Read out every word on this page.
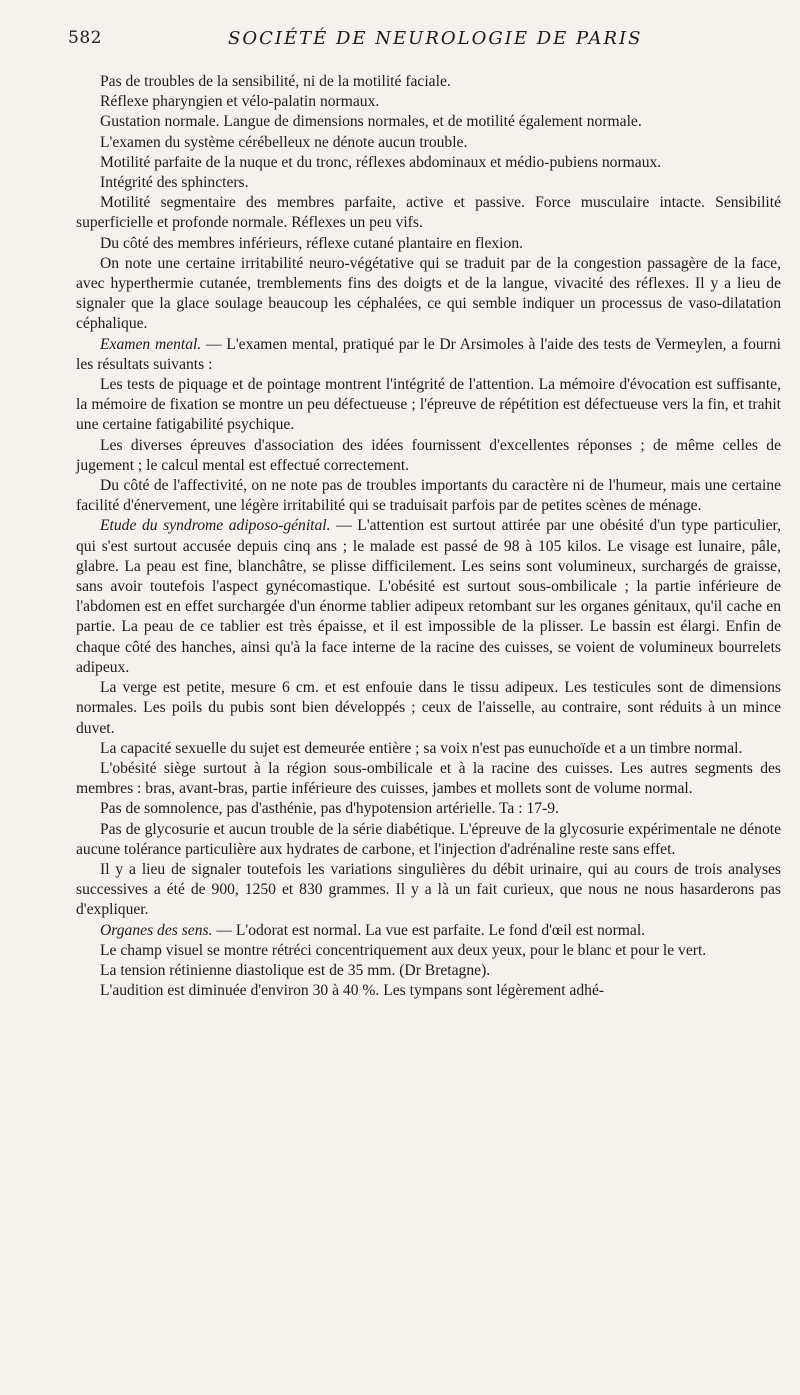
582	SOCIÉTÉ DE NEUROLOGIE DE PARIS

Pas de troubles de la sensibilité, ni de la motilité faciale.

Réflexe pharyngien et vélo-palatin normaux.

Gustation normale. Langue de dimensions normales, et de motilité également normale.

L'examen du système cérébelleux ne dénote aucun trouble.

Motilité parfaite de la nuque et du tronc, réflexes abdominaux et médio-pubiens normaux.

Intégrité des sphincters.

Motilité segmentaire des membres parfaite, active et passive. Force musculaire intacte. Sensibilité superficielle et profonde normale. Réflexes un peu vifs.

Du côté des membres inférieurs, réflexe cutané plantaire en flexion.

On note une certaine irritabilité neuro-végétative qui se traduit par de la congestion passagère de la face, avec hyperthermie cutanée, tremblements fins des doigts et de la langue, vivacité des réflexes. Il y a lieu de signaler que la glace soulage beaucoup les céphalées, ce qui semble indiquer un processus de vaso-dilatation céphalique.

Examen mental. — L'examen mental, pratiqué par le Dr Arsimoles à l'aide des tests de Vermeylen, a fourni les résultats suivants :

Les tests de piquage et de pointage montrent l'intégrité de l'attention. La mémoire d'évocation est suffisante, la mémoire de fixation se montre un peu défectueuse ; l'épreuve de répétition est défectueuse vers la fin, et trahit une certaine fatigabilité psychique.

Les diverses épreuves d'association des idées fournissent d'excellentes réponses ; de même celles de jugement ; le calcul mental est effectué correctement.

Du côté de l'affectivité, on ne note pas de troubles importants du caractère ni de l'humeur, mais une certaine facilité d'énervement, une légère irritabilité qui se traduisait parfois par de petites scènes de ménage.

Etude du syndrome adiposo-génital. — L'attention est surtout attirée par une obésité d'un type particulier, qui s'est surtout accusée depuis cinq ans ; le malade est passé de 98 à 105 kilos. Le visage est lunaire, pâle, glabre. La peau est fine, blanchâtre, se plisse difficilement. Les seins sont volumineux, surchargés de graisse, sans avoir toutefois l'aspect gynécomastique. L'obésité est surtout sous-ombilicale ; la partie inférieure de l'abdomen est en effet surchargée d'un énorme tablier adipeux retombant sur les organes génitaux, qu'il cache en partie. La peau de ce tablier est très épaisse, et il est impossible de la plisser. Le bassin est élargi. Enfin de chaque côté des hanches, ainsi qu'à la face interne de la racine des cuisses, se voient de volumineux bourrelets adipeux.

La verge est petite, mesure 6 cm. et est enfouie dans le tissu adipeux. Les testicules sont de dimensions normales. Les poils du pubis sont bien développés ; ceux de l'aisselle, au contraire, sont réduits à un mince duvet.

La capacité sexuelle du sujet est demeurée entière ; sa voix n'est pas eunuchoïde et a un timbre normal.

L'obésité siège surtout à la région sous-ombilicale et à la racine des cuisses. Les autres segments des membres : bras, avant-bras, partie inférieure des cuisses, jambes et mollets sont de volume normal.

Pas de somnolence, pas d'asthénie, pas d'hypotension artérielle. Ta : 17-9.

Pas de glycosurie et aucun trouble de la série diabétique. L'épreuve de la glycosurie expérimentale ne dénote aucune tolérance particulière aux hydrates de carbone, et l'injection d'adrénaline reste sans effet.

Il y a lieu de signaler toutefois les variations singulières du débit urinaire, qui au cours de trois analyses successives a été de 900, 1250 et 830 grammes. Il y a là un fait curieux, que nous ne nous hasarderons pas d'expliquer.

Organes des sens. — L'odorat est normal. La vue est parfaite. Le fond d'œil est normal.

Le champ visuel se montre rétréci concentriquement aux deux yeux, pour le blanc et pour le vert.

La tension rétinienne diastolique est de 35 mm. (Dr Bretagne).

L'audition est diminuée d'environ 30 à 40 %. Les tympans sont légèrement adhé-
